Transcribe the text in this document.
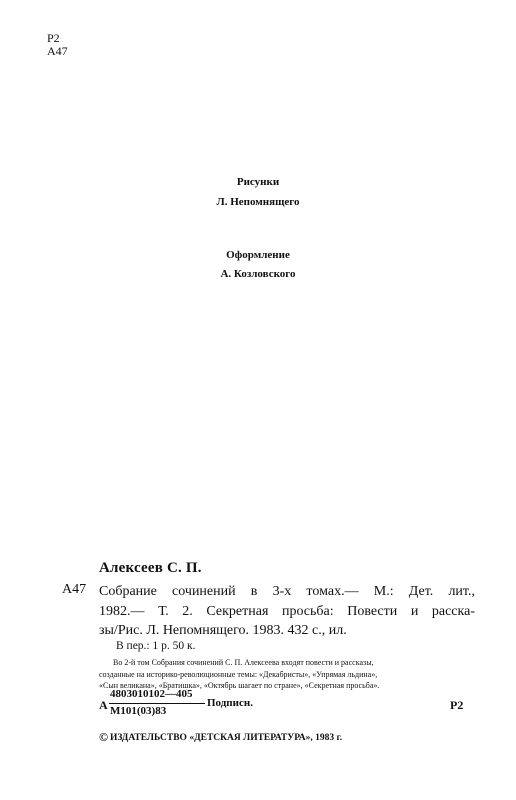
Р2
А47
Рисунки
Л. Непомнящего
Оформление
А. Козловского
Алексеев С. П.
А47 Собрание сочинений в 3-х томах.— М.: Дет. лит.,
1982.— Т. 2. Секретная просьба: Повести и расска-
зы/Рис. Л. Непомнящего. 1983. 432 с., ил.
В пер.: 1 р. 50 к.
Во 2-й том Собрания сочинений С. П. Алексеева входят повести и рассказы,
созданные на историко-революционные темы: «Декабристы», «Упрямая льдина»,
«Сын великана», «Братишка», «Октябрь шагает по стране», «Секретная просьба».
А
4803010102—405
М101(03)83
Подписн.	Р2
© ИЗДАТЕЛЬСТВО «ДЕТСКАЯ ЛИТЕРАТУРА», 1983 г.
